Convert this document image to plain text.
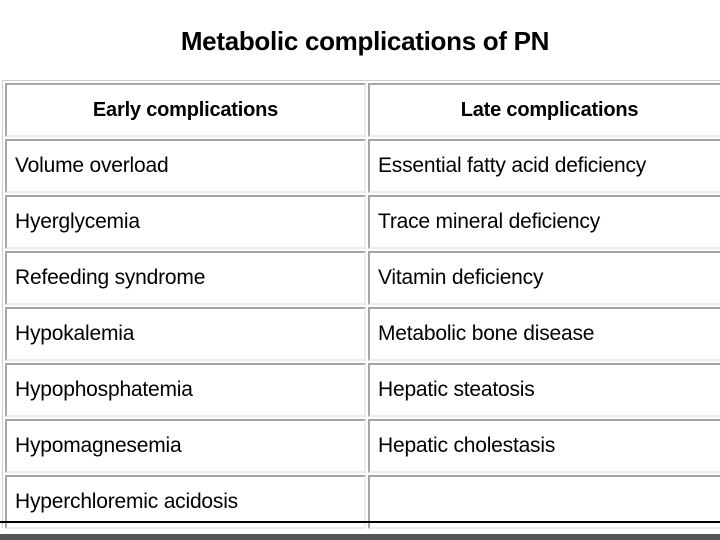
Metabolic complications of PN
Early complications	Late complications
Volume overload	Essential fatty acid deficiency
Hyerglycemia	Trace mineral deficiency
Refeeding syndrome	Vitamin deficiency
Hypokalemia	Metabolic bone disease
Hypophosphatemia	Hepatic steatosis
Hypomagnesemia	Hepatic cholestasis
Hyperchloremic acidosis	
